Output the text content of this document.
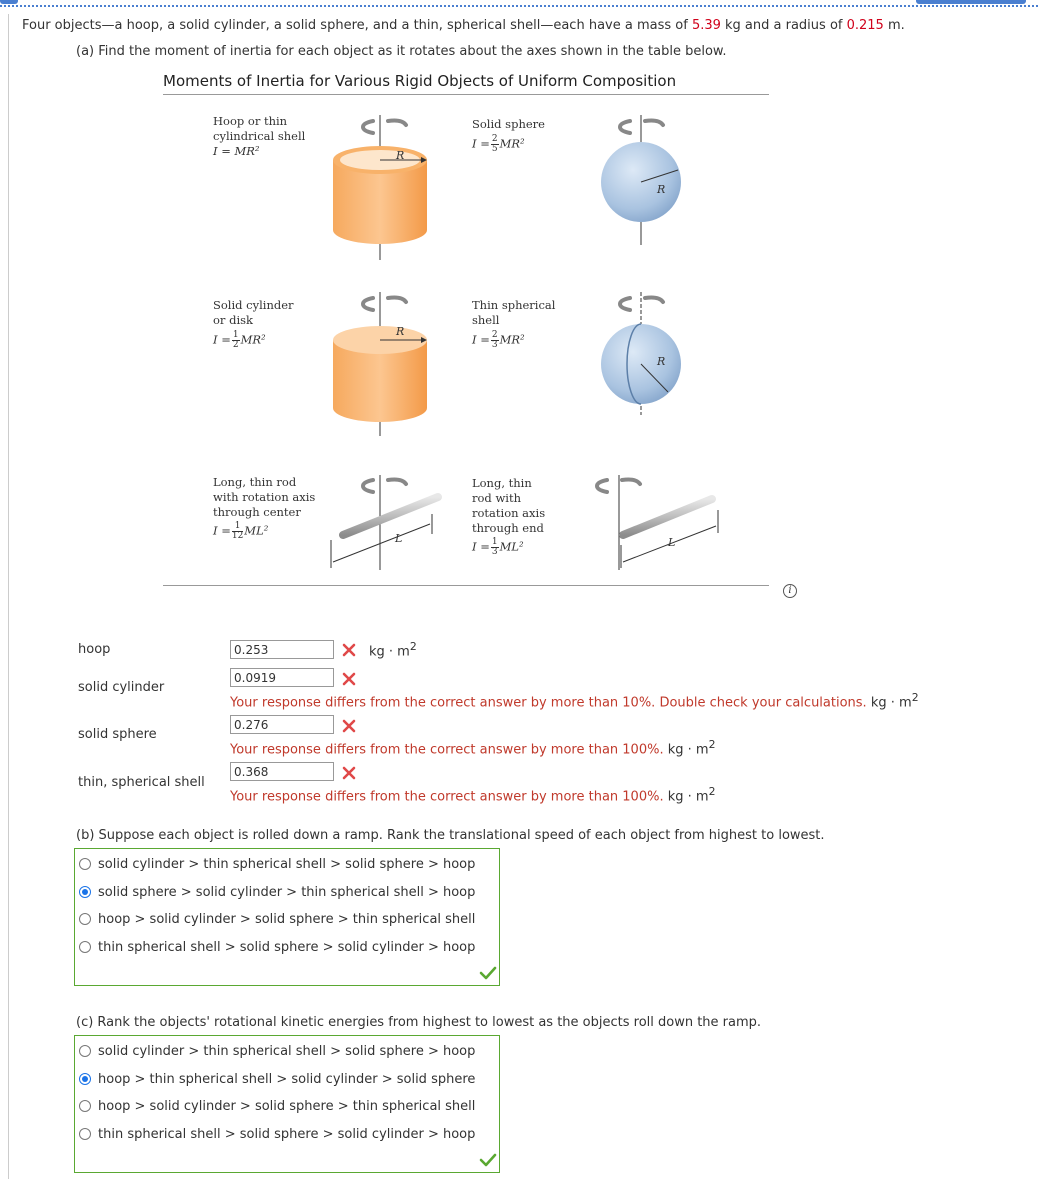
Four objects—a hoop, a solid cylinder, a solid sphere, and a thin, spherical shell—each have a mass of 5.39 kg and a radius of 0.215 m.
(a) Find the moment of inertia for each object as it rotates about the axes shown in the table below.
Moments of Inertia for Various Rigid Objects of Uniform Composition
Hoop or thin
cylindrical shell
I = MR²
Solid sphere
$I = \frac{2}{5} MR^2$
Solid cylinder
or disk
$I = \frac{1}{2} MR^2$
Thin spherical
shell
$I = \frac{2}{3} MR^2$
Long, thin rod
with rotation axis
through center
$I = \frac{1}{12} ML^2$
Long, thin
rod with
rotation axis
through end
$I = \frac{1}{3} ML^2$
R
R
R
R
L	L
i
hoop
0.253	kg · $m^2$
solid cylinder
0.0919
Your response differs from the correct answer by more than 10%. Double check your calculations. kg · $m^2$
solid sphere
0.276
Your response differs from the correct answer by more than 100%. kg · $m^2$
thin, spherical shell
0.368
Your response differs from the correct answer by more than 100%. kg · $m^2$
(b) Suppose each object is rolled down a ramp. Rank the translational speed of each object from highest to lowest.
solid cylinder > thin spherical shell > solid sphere > hoop
solid sphere > solid cylinder > thin spherical shell > hoop
hoop > solid cylinder > solid sphere > thin spherical shell
thin spherical shell > solid sphere > solid cylinder > hoop
(c) Rank the objects' rotational kinetic energies from highest to lowest as the objects roll down the ramp.
solid cylinder > thin spherical shell > solid sphere > hoop
hoop > thin spherical shell > solid cylinder > solid sphere
hoop > solid cylinder > solid sphere > thin spherical shell
thin spherical shell > solid sphere > solid cylinder > hoop
